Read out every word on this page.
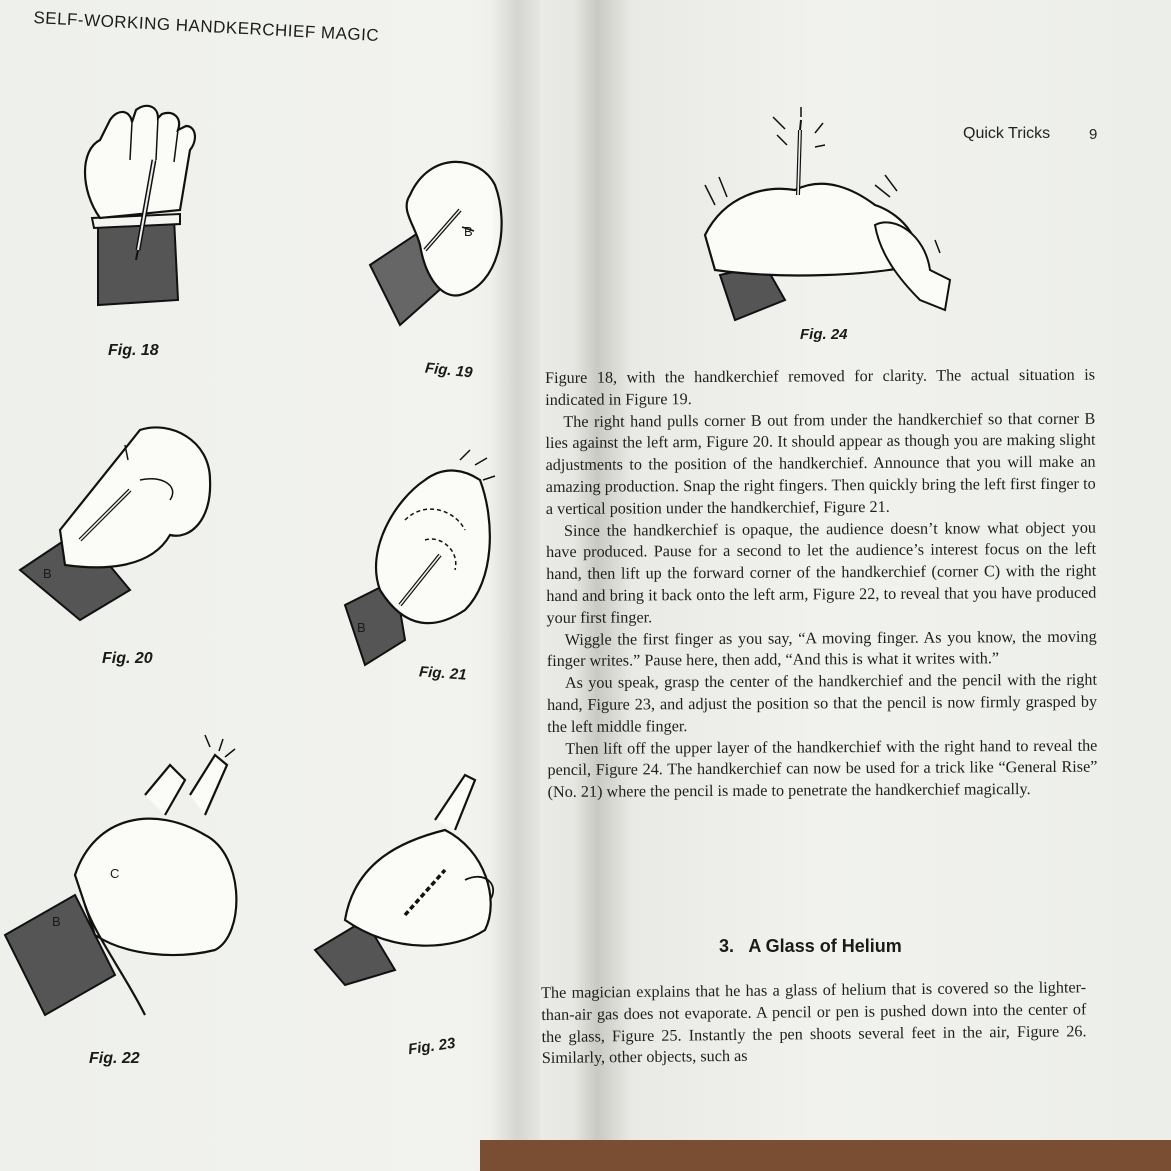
SELF-WORKING HANDKERCHIEF MAGIC
Fig. 18
B
Fig. 19
B
Fig. 20
B
Fig. 21
B
C
Fig. 22
Fig. 23
Quick Tricks	9
Fig. 24

Figure 18, with the handkerchief removed for clarity. The actual situation is indicated in Figure 19.

The right hand pulls corner B out from under the handkerchief so that corner B lies against the left arm, Figure 20. It should appear as though you are making slight adjustments to the position of the handkerchief. Announce that you will make an amazing production. Snap the right fingers. Then quickly bring the left first finger to a vertical position under the handkerchief, Figure 21.

Since the handkerchief is opaque, the audience doesn’t know what object you have produced. Pause for a second to let the audience’s interest focus on the left hand, then lift up the forward corner of the handkerchief (corner C) with the right hand and bring it back onto the left arm, Figure 22, to reveal that you have produced your first finger.

Wiggle the first finger as you say, “A moving finger. As you know, the moving finger writes.” Pause here, then add, “And this is what it writes with.”

As you speak, grasp the center of the handkerchief and the pencil with the right hand, Figure 23, and adjust the position so that the pencil is now firmly grasped by the left middle finger.

Then lift off the upper layer of the handkerchief with the right hand to reveal the pencil, Figure 24. The handkerchief can now be used for a trick like “General Rise” (No. 21) where the pencil is made to penetrate the handkerchief magically.

3.   A Glass of Helium

The magician explains that he has a glass of helium that is covered so the lighter-than-air gas does not evaporate. A pencil or pen is pushed down into the center of the glass, Figure 25. Instantly the pen shoots several feet in the air, Figure 26. Similarly, other objects, such as
